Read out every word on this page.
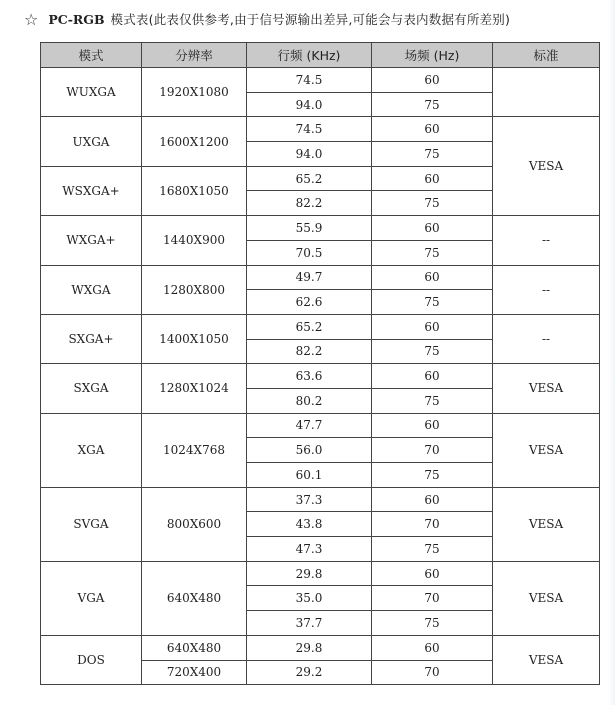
☆ PC-RGB 模式表(此表仅供参考,由于信号源输出差异,可能会与表内数据有所差别)
模式	分辨率	行频 (KHz)	场频 (Hz)	标准
WUXGA	1920X1080	74.5	60	
		94.0	75	
UXGA	1600X1200	74.5	60	VESA
		94.0	75	
WSXGA+	1680X1050	65.2	60	
		82.2	75	
WXGA+	1440X900	55.9	60	--
		70.5	75	
WXGA	1280X800	49.7	60	--
		62.6	75	
SXGA+	1400X1050	65.2	60	--
		82.2	75	
SXGA	1280X1024	63.6	60	VESA
		80.2	75	
XGA	1024X768	47.7	60	VESA
		56.0	70	
		60.1	75	
SVGA	800X600	37.3	60	VESA
		43.8	70	
		47.3	75	
VGA	640X480	29.8	60	VESA
		35.0	70	
		37.7	75	
DOS	640X480	29.8	60	VESA
	720X400	29.2	70	
